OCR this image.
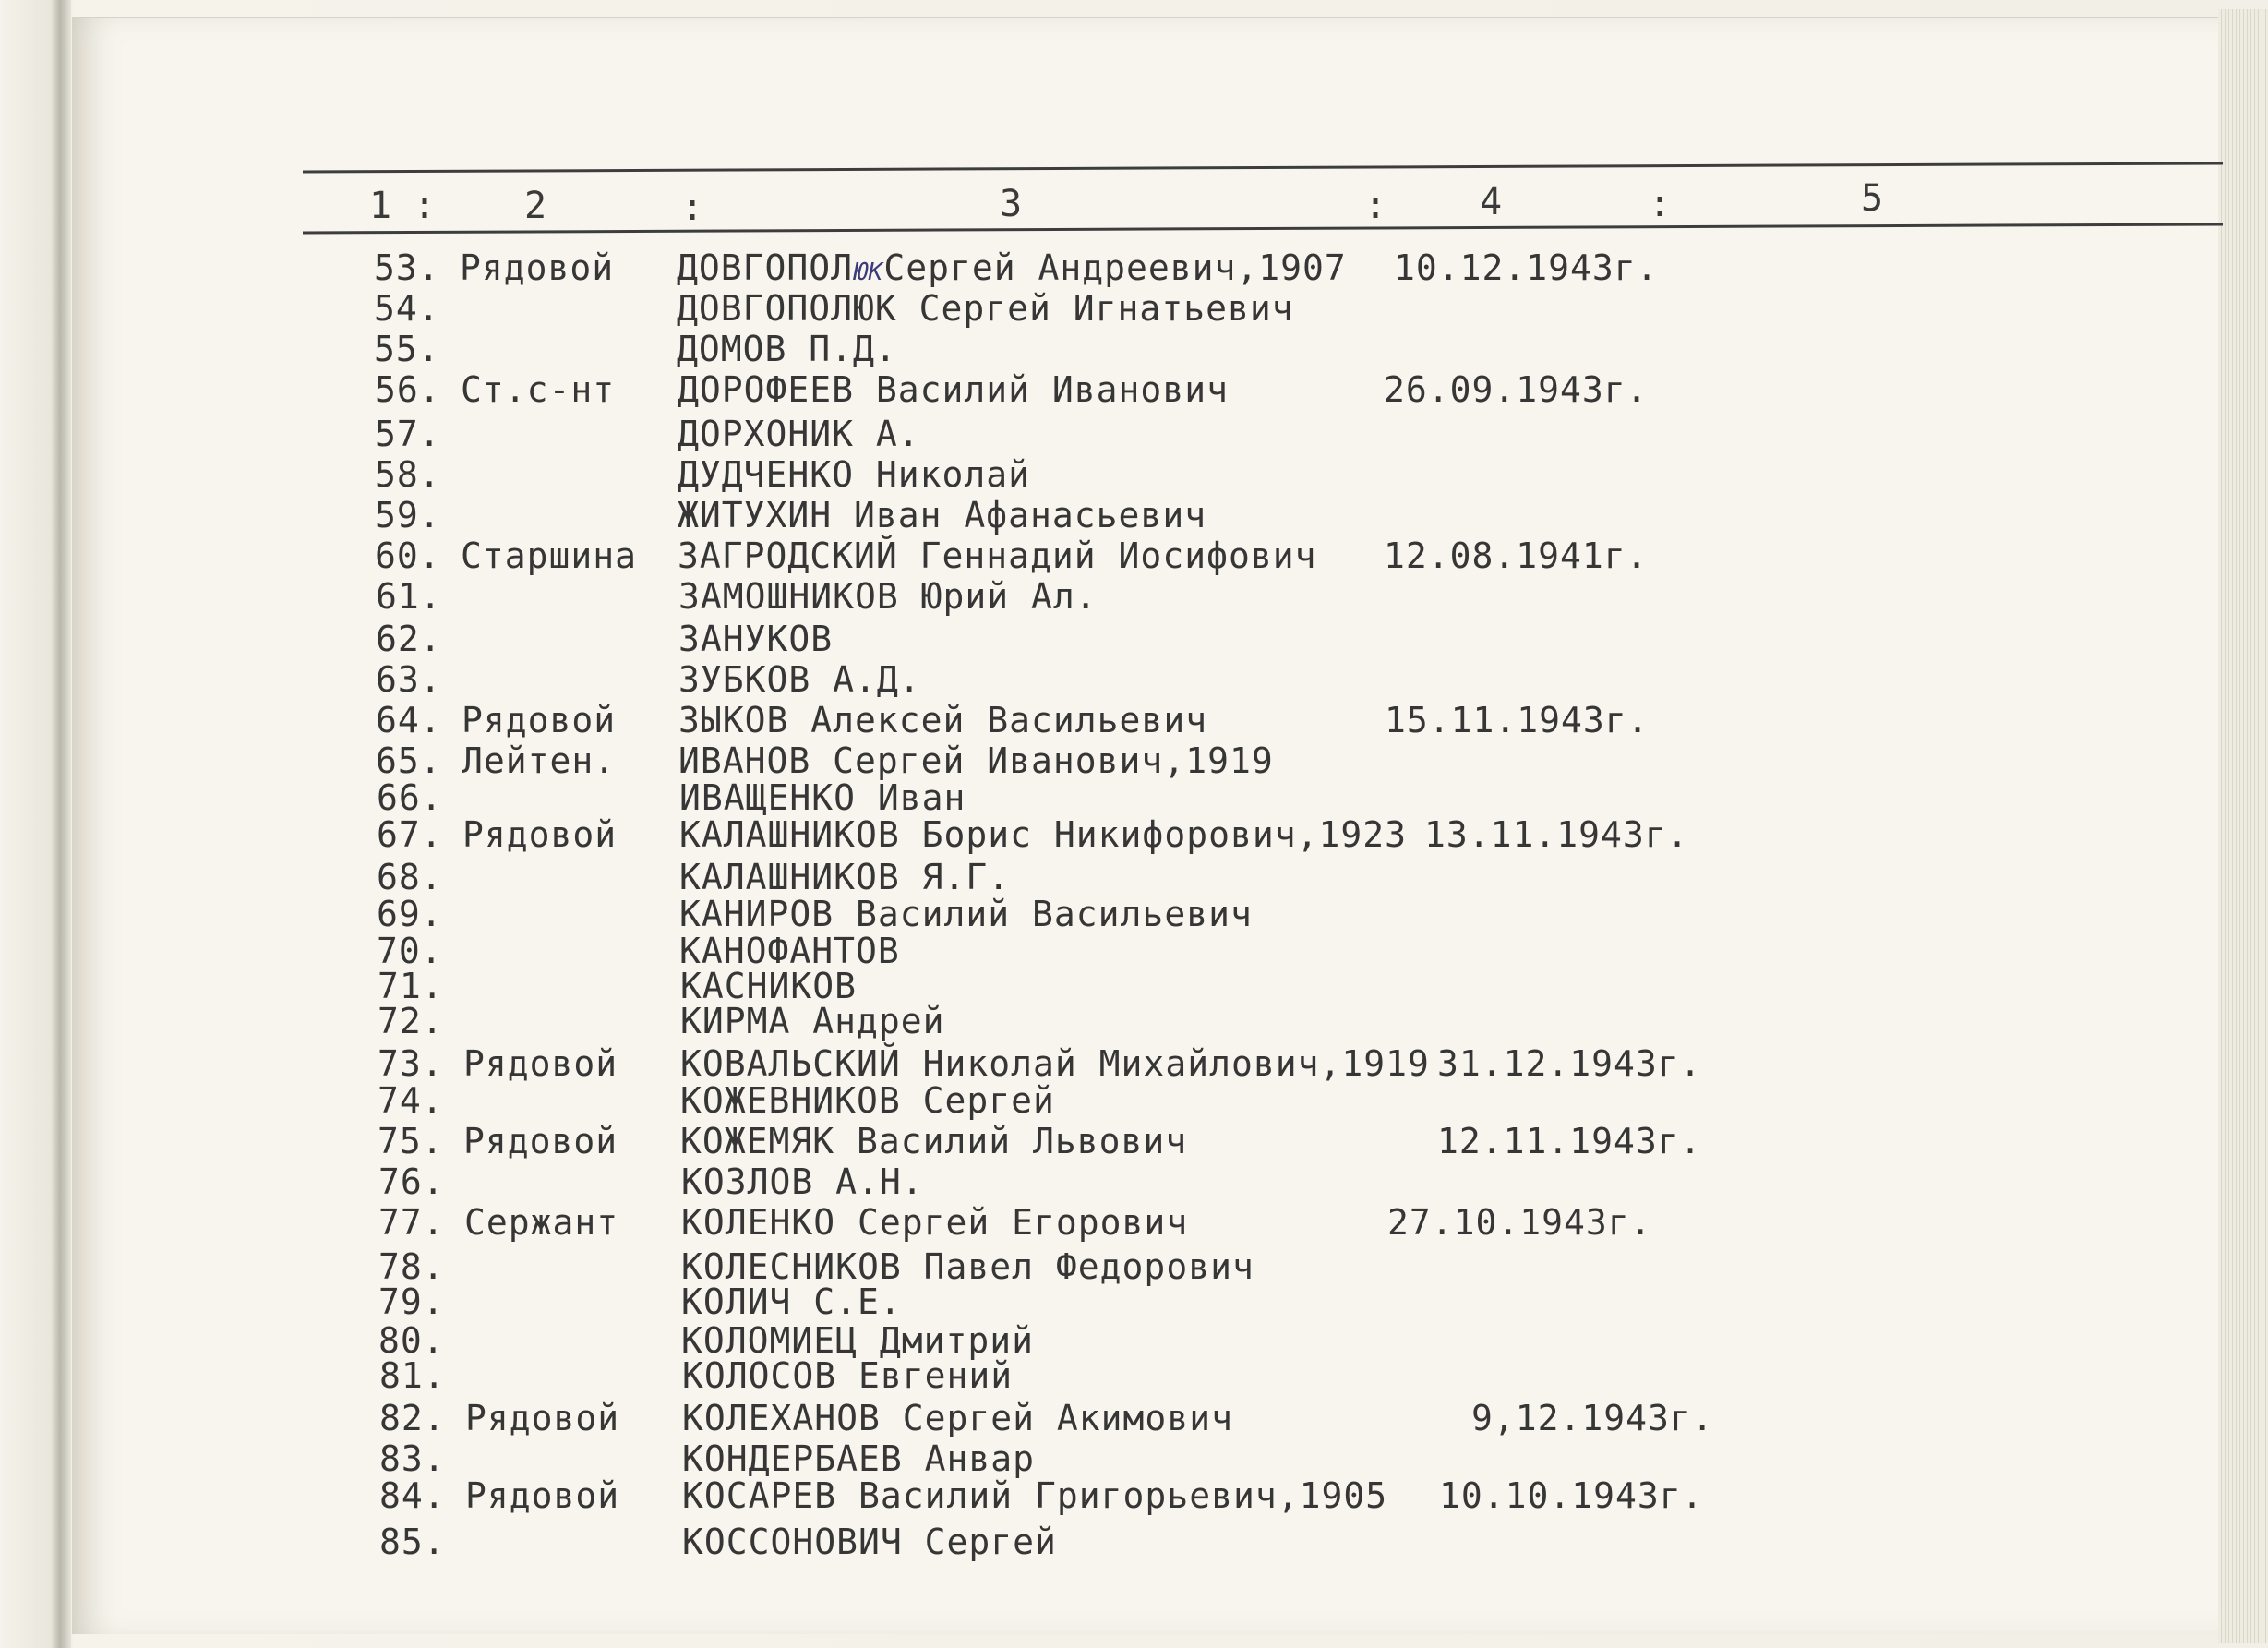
1 : 2	:	3	: 4	:	5
53. Рядовой ДОВГОПОЛЮКСергей Андреевич,1907 10.12.1943г.
54.	ДОВГОПОЛЮК Сергей Игнатьевич
55.	ДОМОВ П.Д.
56. Ст.с-нт ДОРОФЕЕВ Василий Иванович	26.09.1943г.
57.	ДОРХОНИК А.
58.	ДУДЧЕНКО Николай
59.	ЖИТУХИН Иван Афанасьевич
60. Старшина ЗАГРОДСКИЙ Геннадий Иосифович 12.08.1941г.
61.	ЗАМОШНИКОВ Юрий Ал.
62.	ЗАНУКОВ
63.	ЗУБКОВ А.Д.
64. Рядовой ЗЫКОВ Алексей Васильевич	15.11.1943г.
65. Лейтен. ИВАНОВ Сергей Иванович,1919
66.	ИВАЩЕНКО Иван
67. Рядовой КАЛАШНИКОВ Борис Никифорович,1923 13.11.1943г.
68.	КАЛАШНИКОВ Я.Г.
69.	КАНИРОВ Василий Васильевич
70.	КАНОФАНТОВ
71.	КАСНИКОВ
72.	КИРМА Андрей
73. Рядовой КОВАЛЬСКИЙ Николай Михайлович,1919 31.12.1943г.
74.	КОЖЕВНИКОВ Сергей
75. Рядовой КОЖЕМЯК Василий Львович	12.11.1943г.
76.	КОЗЛОВ А.Н.
77. Сержант КОЛЕНКО Сергей Егорович	27.10.1943г.
78.	КОЛЕСНИКОВ Павел Федорович
79.	КОЛИЧ С.Е.
80.	КОЛОМИЕЦ Дмитрий
81.	КОЛОСОВ Евгений
82. Рядовой КОЛЕХАНОВ Сергей Акимович	9,12.1943г.
83.	КОНДЕРБАЕВ Анвар
84. Рядовой КОСАРЕВ Василий Григорьевич,1905 10.10.1943г.
85.	КОССОНОВИЧ Сергей
